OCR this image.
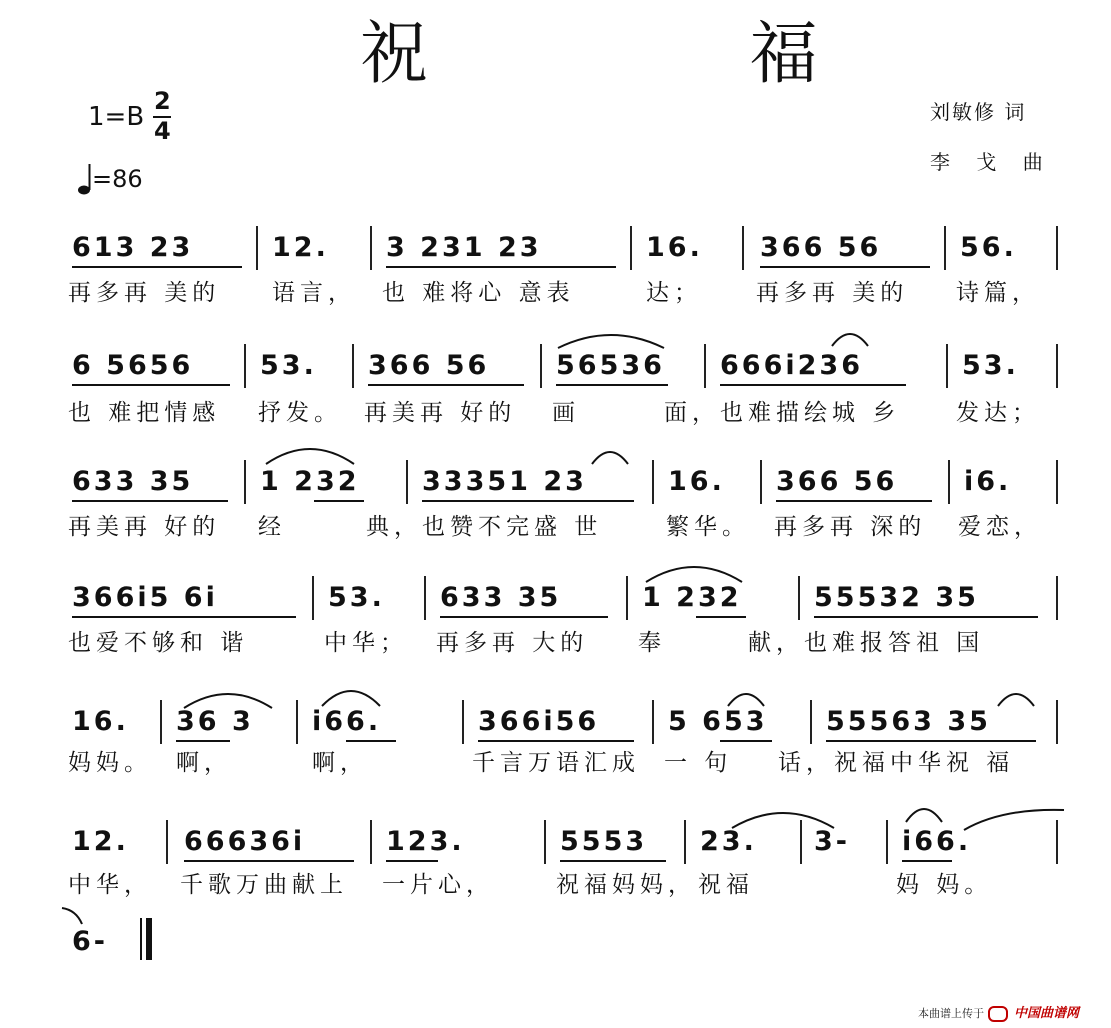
祝 福
1=B
2
4
=86
刘敏修 词
李 戈 曲
613 23	12. 3 231 23	16. 366 56	56.
再多再 美的 语言， 也 难将心 意表	达； 再多再 美的 诗篇，
6 5656 53. 366 56 56536 666i236	53.
也 难把情感 抒发。 再美再 好的 画	面，也难描绘城 乡 发达；
633 35 1 232 33351 23	16. 366 56 i6.
再美再 好的 经	典，也赞不完盛 世	繁华。 再多再 深的 爱恋，
366i5 6i	53. 633 35	1 232	55532 35
也爱不够和 谐	中华； 再多再 大的 奉	献，也难报答祖 国
16. 36 3 i66.	366i56	5 653 55563 35
妈妈。 啊，	啊，	千言万语汇成 一 句 话，祝福中华祝 福
12. 66636i	123.	5553 23. 3- i66.
中华， 千歌万曲献上 一片心，	祝福妈妈， 祝福	妈 妈。
6-
本曲谱上传于 中国曲谱网
